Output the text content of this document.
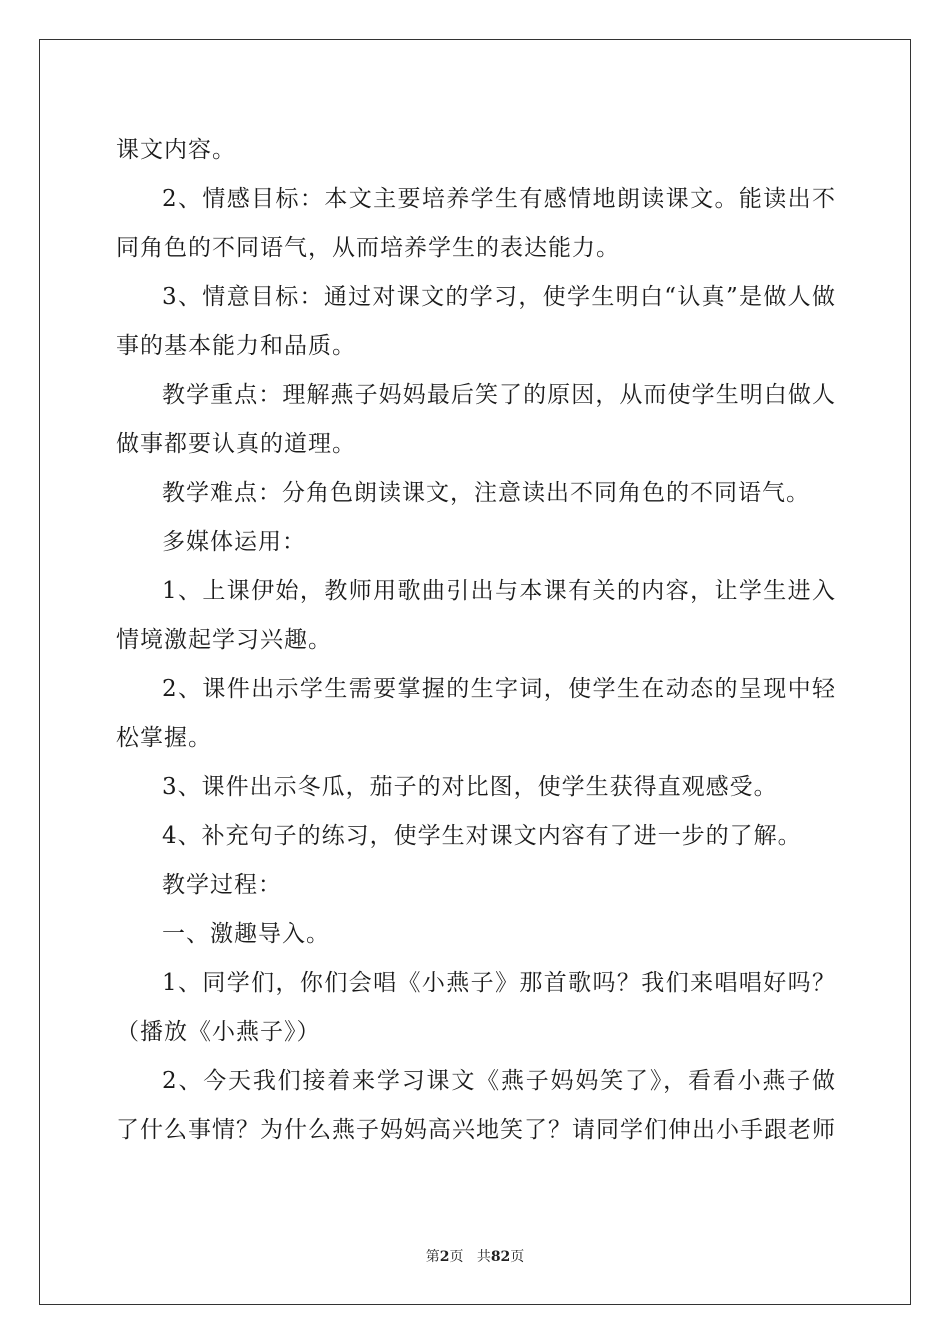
课文内容。

2、情感目标：本文主要培养学生有感情地朗读课文。能读出不同角色的不同语气，从而培养学生的表达能力。

3、情意目标：通过对课文的学习，使学生明白“认真”是做人做事的基本能力和品质。

教学重点：理解燕子妈妈最后笑了的原因，从而使学生明白做人做事都要认真的道理。

教学难点：分角色朗读课文，注意读出不同角色的不同语气。

多媒体运用：

1、上课伊始，教师用歌曲引出与本课有关的内容，让学生进入情境激起学习兴趣。

2、课件出示学生需要掌握的生字词，使学生在动态的呈现中轻松掌握。

3、课件出示冬瓜，茄子的对比图，使学生获得直观感受。

4、补充句子的练习，使学生对课文内容有了进一步的了解。

教学过程：

一、激趣导入。

1、同学们，你们会唱《小燕子》那首歌吗？我们来唱唱好吗？（播放《小燕子》）

2、今天我们接着来学习课文《燕子妈妈笑了》，看看小燕子做了什么事情？为什么燕子妈妈高兴地笑了？请同学们伸出小手跟老师

第2页 共82页
